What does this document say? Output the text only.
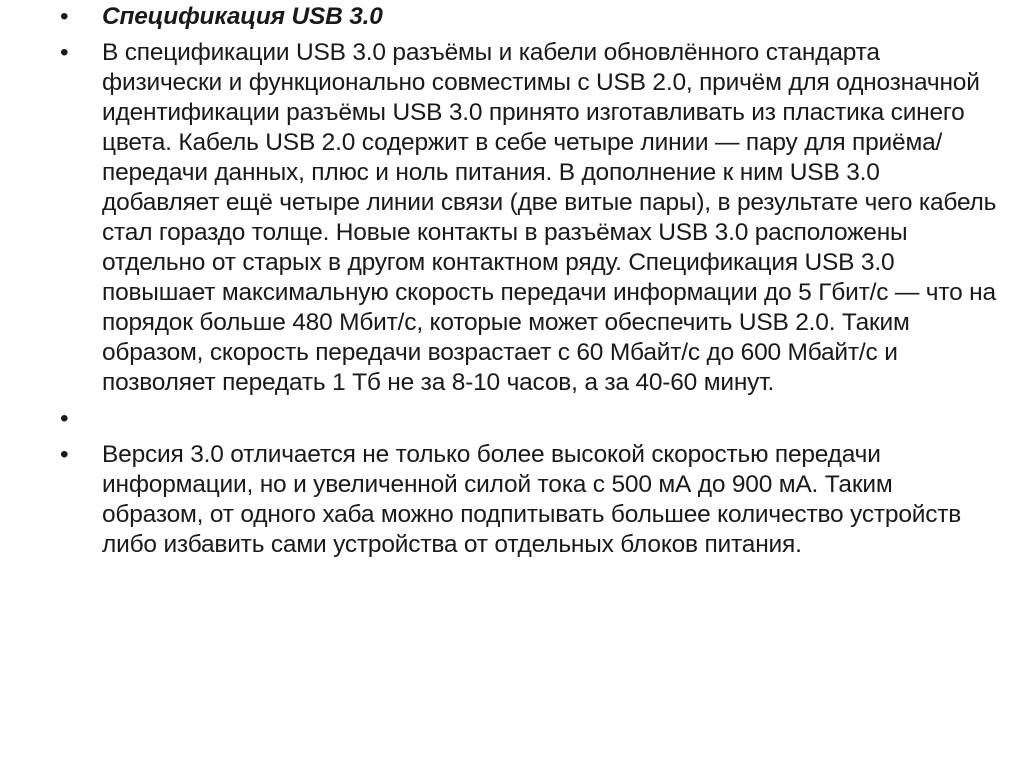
•	Спецификация USB 3.0
•	В спецификации USB 3.0 разъёмы и кабели обновлённого стандарта физически и функционально совместимы с USB 2.0, причём для однозначной идентификации разъёмы USB 3.0 принято изготавливать из пластика синего цвета. Кабель USB 2.0 содержит в себе четыре линии — пару для приёма/передачи данных, плюс и ноль питания. В дополнение к ним USB 3.0 добавляет ещё четыре линии связи (две витые пары), в результате чего кабель стал гораздо толще. Новые контакты в разъёмах USB 3.0 расположены отдельно от старых в другом контактном ряду. Спецификация USB 3.0 повышает максимальную скорость передачи информации до 5 Гбит/с — что на порядок больше 480 Мбит/с, которые может обеспечить USB 2.0. Таким образом, скорость передачи возрастает с 60 Мбайт/с до 600 Мбайт/с и позволяет передать 1 Тб не за 8-10 часов, а за 40-60 минут.
•
•	Версия 3.0 отличается не только более высокой скоростью передачи информации, но и увеличенной силой тока с 500 мА до 900 мА. Таким образом, от одного хаба можно подпитывать большее количество устройств либо избавить сами устройства от отдельных блоков питания.
